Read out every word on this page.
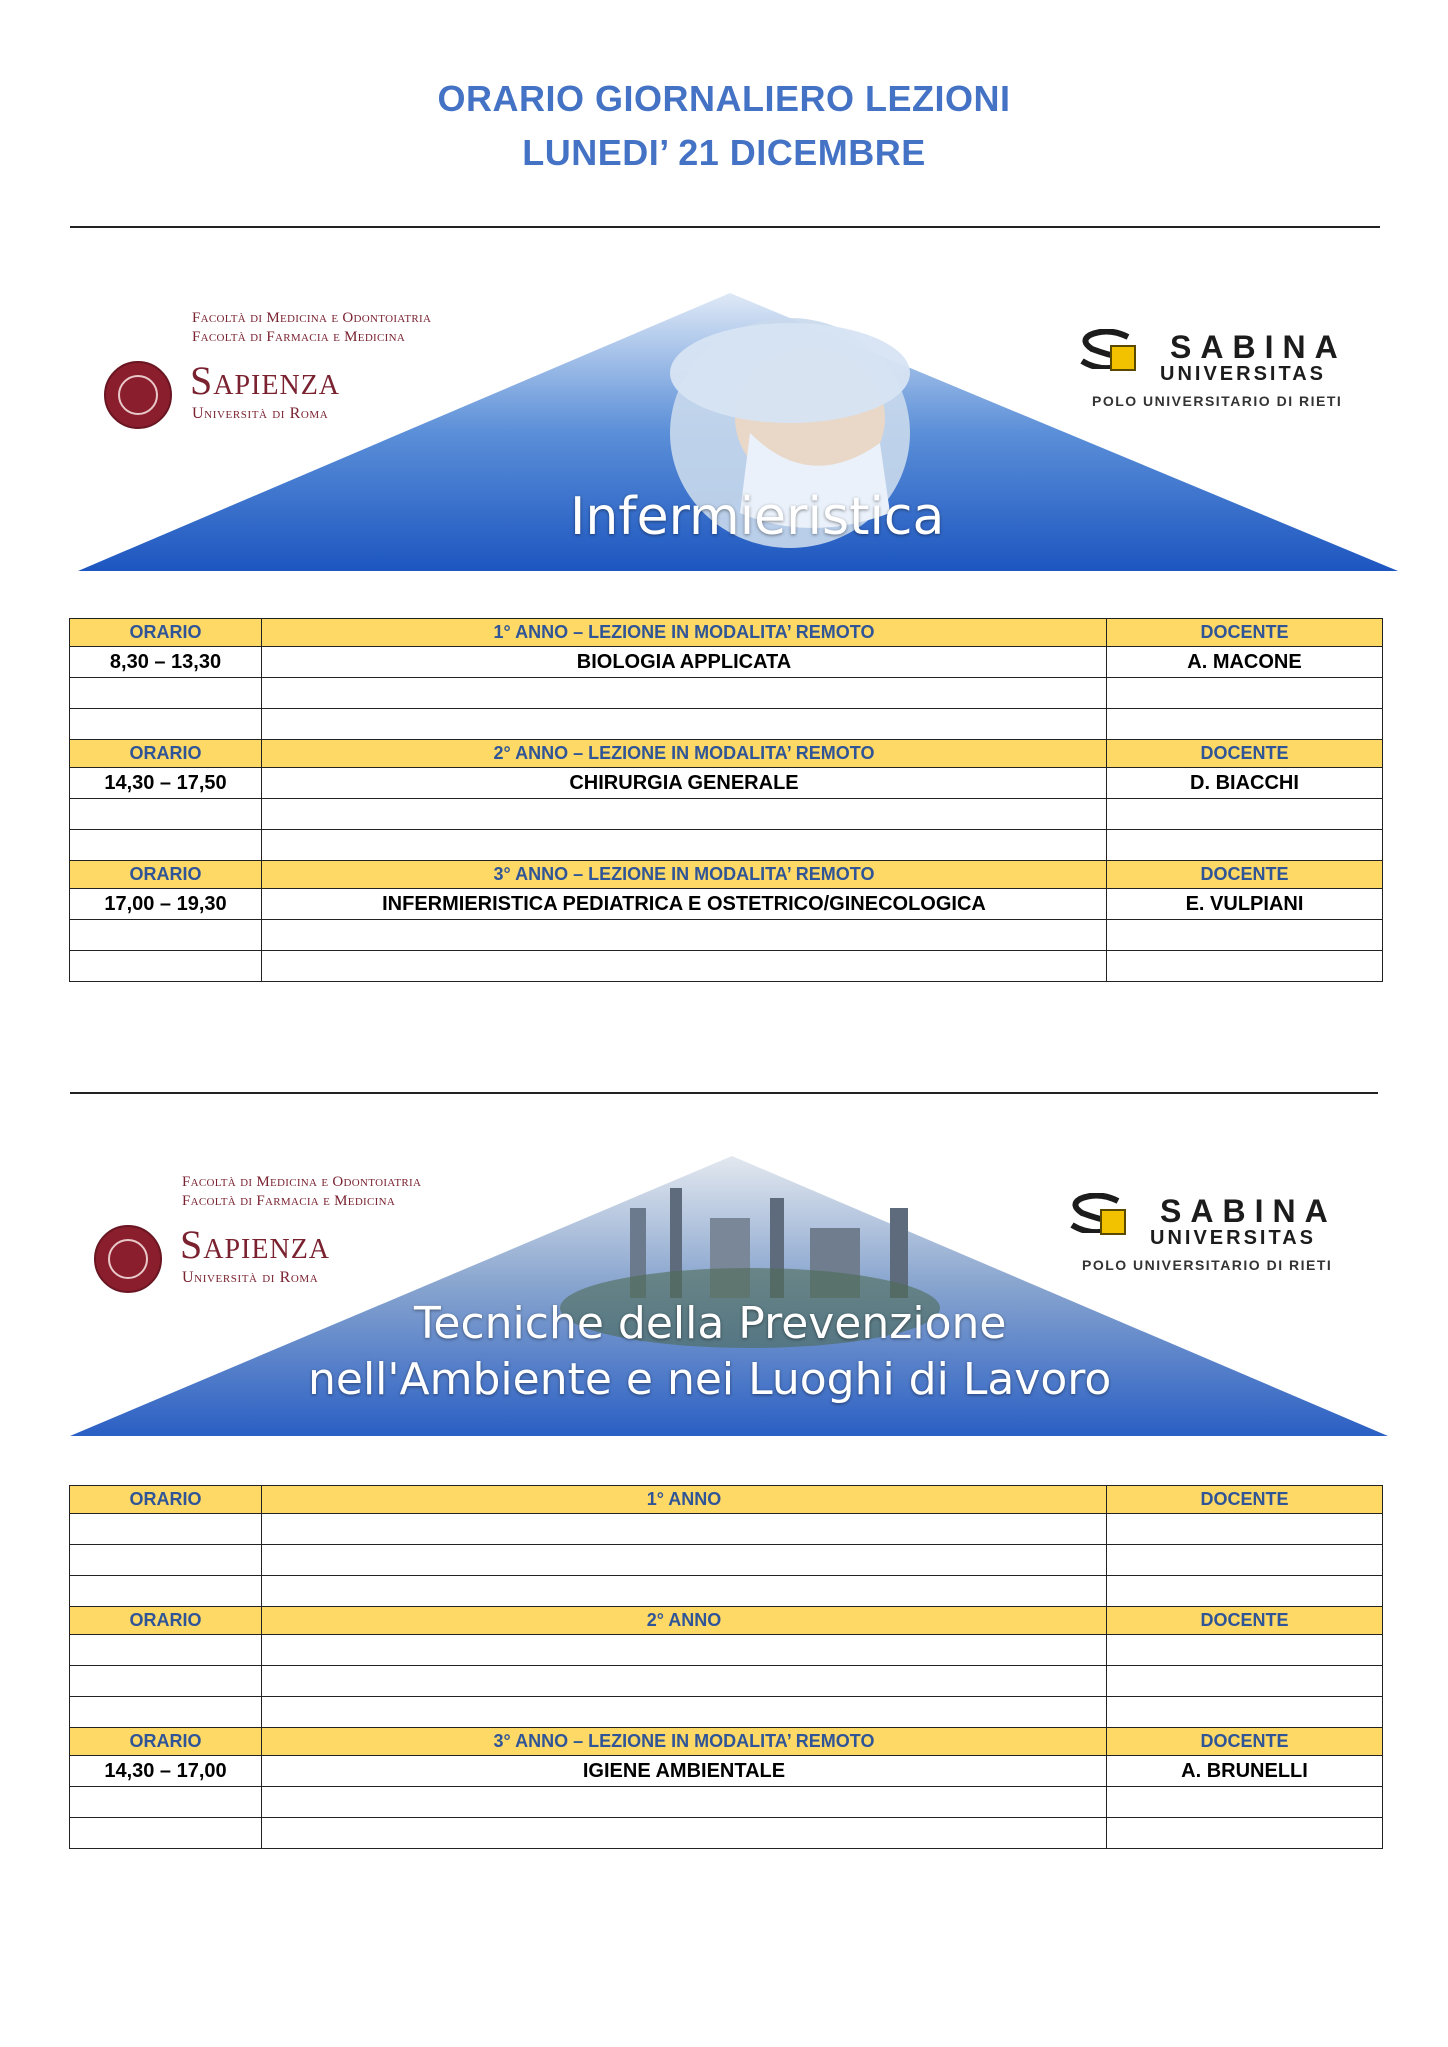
ORARIO GIORNALIERO LEZIONI
LUNEDI’ 21 DICEMBRE
Facoltà di Medicina e Odontoiatria
Facoltà di Farmacia e Medicina
Sapienza
Università di Roma
SABINA
UNIVERSITAS
POLO UNIVERSITARIO DI RIETI
Infermieristica
ORARIO	1° ANNO – LEZIONE IN MODALITA’ REMOTO	DOCENTE
8,30 – 13,30	BIOLOGIA APPLICATA	A. MACONE

ORARIO	2° ANNO – LEZIONE IN MODALITA’ REMOTO	DOCENTE
14,30 – 17,50	CHIRURGIA GENERALE	D. BIACCHI

ORARIO	3° ANNO – LEZIONE IN MODALITA’ REMOTO	DOCENTE
17,00 – 19,30	INFERMIERISTICA PEDIATRICA E OSTETRICO/GINECOLOGICA	E. VULPIANI

Facoltà di Medicina e Odontoiatria
Facoltà di Farmacia e Medicina
Sapienza
Università di Roma
SABINA
UNIVERSITAS
POLO UNIVERSITARIO DI RIETI
Tecniche della Prevenzione
nell'Ambiente e nei Luoghi di Lavoro
ORARIO	1° ANNO	DOCENTE

ORARIO	2° ANNO	DOCENTE

ORARIO	3° ANNO – LEZIONE IN MODALITA’ REMOTO	DOCENTE
14,30 – 17,00	IGIENE AMBIENTALE	A. BRUNELLI
